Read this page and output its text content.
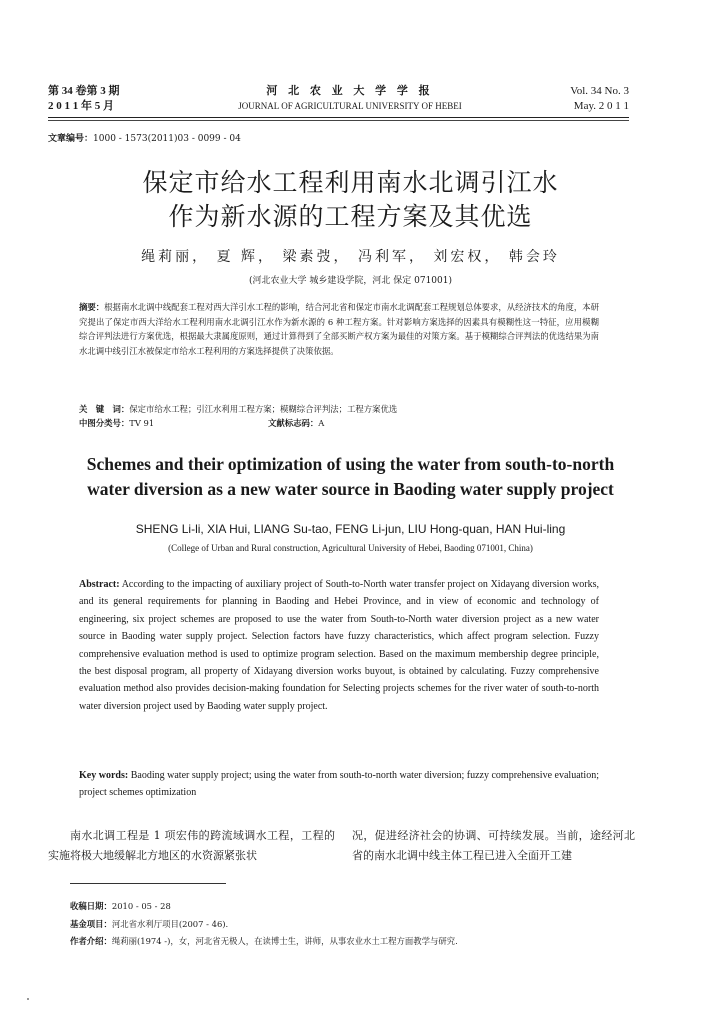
第 34 卷第 3 期
2 0 1 1 年 5 月
河 北 农 业 大 学 学 报
JOURNAL OF AGRICULTURAL UNIVERSITY OF HEBEI
Vol. 34 No. 3
May. 2 0 1 1
文章编号：1000 - 1573(2011)03 - 0099 - 04
保定市给水工程利用南水北调引江水
作为新水源的工程方案及其优选
绳莉丽， 夏 辉， 梁素弢， 冯利军， 刘宏权， 韩会玲
(河北农业大学 城乡建设学院，河北 保定 071001)
摘要：根据南水北调中线配套工程对西大洋引水工程的影响，结合河北省和保定市南水北调配套工程规划总体要求，从经济技术的角度，本研究提出了保定市西大洋给水工程利用南水北调引江水作为新水源的 6 种工程方案。针对影响方案选择的因素具有模糊性这一特征，应用模糊综合评判法进行方案优选，根据最大隶属度原则，通过计算得到了全部买断产权方案为最佳的对策方案。基于模糊综合评判法的优选结果为南水北调中线引江水被保定市给水工程利用的方案选择提供了决策依据。
关　键　词：保定市给水工程；引江水利用工程方案；模糊综合评判法；工程方案优选
中图分类号：TV 91	文献标志码：A
Schemes and their optimization of using the water from south-to-north
water diversion as a new water source in Baoding water supply project
SHENG Li-li, XIA Hui, LIANG Su-tao, FENG Li-jun, LIU Hong-quan, HAN Hui-ling
(College of Urban and Rural construction, Agricultural University of Hebei, Baoding 071001, China)
Abstract: According to the impacting of auxiliary project of South-to-North water transfer project on Xidayang diversion works, and its general requirements for planning in Baoding and Hebei Province, and in view of economic and technology of engineering, six project schemes are proposed to use the water from South-to-North water diversion project as a new water source in Baoding water supply project. Selection factors have fuzzy characteristics, which affect program selection. Fuzzy comprehensive evaluation method is used to optimize program selection. Based on the maximum membership degree principle, the best disposal program, all property of Xidayang diversion works buyout, is obtained by calculating. Fuzzy comprehensive evaluation method also provides decision-making foundation for Selecting projects schemes for the river water of south-to-north water diversion project used by Baoding water supply project.
Key words: Baoding water supply project; using the water from south-to-north water diversion; fuzzy comprehensive evaluation; project schemes optimization
南水北调工程是 1 项宏伟的跨流域调水工程，工程的实施将极大地缓解北方地区的水资源紧张状
况，促进经济社会的协调、可持续发展。当前，途经河北省的南水北调中线主体工程已进入全面开工建
收稿日期：2010 - 05 - 28
基金项目：河北省水利厅项目(2007 - 46).
作者介绍：绳莉丽(1974 -)，女，河北省无极人，在读博士生，讲师，从事农业水土工程方面教学与研究.
